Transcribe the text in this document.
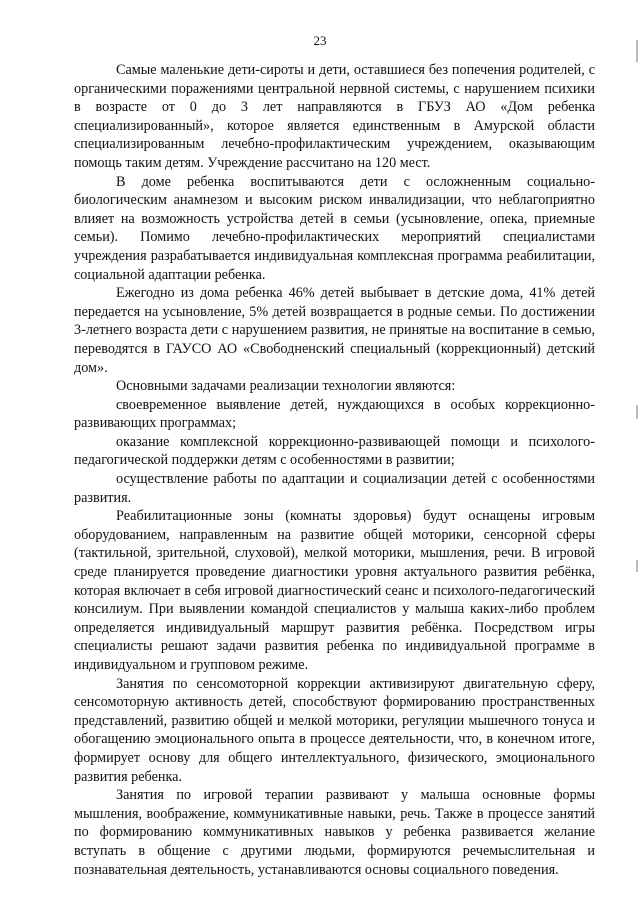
23

Самые маленькие дети-сироты и дети, оставшиеся без попечения родителей, с органическими поражениями центральной нервной системы, с нарушением психики в возрасте от 0 до 3 лет направляются в ГБУЗ АО «Дом ребенка специализированный», которое является единственным в Амурской области специализированным лечебно-профилактическим учреждением, оказывающим помощь таким детям. Учреждение рассчитано на 120 мест.

В доме ребенка воспитываются дети с осложненным социально-биологическим анамнезом и высоким риском инвалидизации, что неблагоприятно влияет на возможность устройства детей в семьи (усыновление, опека, приемные семьи). Помимо лечебно-профилактических мероприятий специалистами учреждения разрабатывается индивидуальная комплексная программа реабилитации, социальной адаптации ребенка.

Ежегодно из дома ребенка 46% детей выбывает в детские дома, 41% детей передается на усыновление, 5% детей возвращается в родные семьи. По достижении 3-летнего возраста дети с нарушением развития, не принятые на воспитание в семью, переводятся в ГАУСО АО «Свободненский специальный (коррекционный) детский дом».

Основными задачами реализации технологии являются:

своевременное выявление детей, нуждающихся в особых коррекционно-развивающих программах;

оказание комплексной коррекционно-развивающей помощи и психолого-педагогической поддержки детям с особенностями в развитии;

осуществление работы по адаптации и социализации детей с особенностями развития.

Реабилитационные зоны (комнаты здоровья) будут оснащены игровым оборудованием, направленным на развитие общей моторики, сенсорной сферы (тактильной, зрительной, слуховой), мелкой моторики, мышления, речи. В игровой среде планируется проведение диагностики уровня актуального развития ребёнка, которая включает в себя игровой диагностический сеанс и психолого-педагогический консилиум. При выявлении командой специалистов у малыша каких-либо проблем определяется индивидуальный маршрут развития ребёнка. Посредством игры специалисты решают задачи развития ребенка по индивидуальной программе в индивидуальном и групповом режиме.

Занятия по сенсомоторной коррекции активизируют двигательную сферу, сенсомоторную активность детей, способствуют формированию пространственных представлений, развитию общей и мелкой моторики, регуляции мышечного тонуса и обогащению эмоционального опыта в процессе деятельности, что, в конечном итоге, формирует основу для общего интеллектуального, физического, эмоционального развития ребенка.

Занятия по игровой терапии развивают у малыша основные формы мышления, воображение, коммуникативные навыки, речь. Также в процессе занятий по формированию коммуникативных навыков у ребенка развивается желание вступать в общение с другими людьми, формируются речемыслительная и познавательная деятельность, устанавливаются основы социального поведения.
